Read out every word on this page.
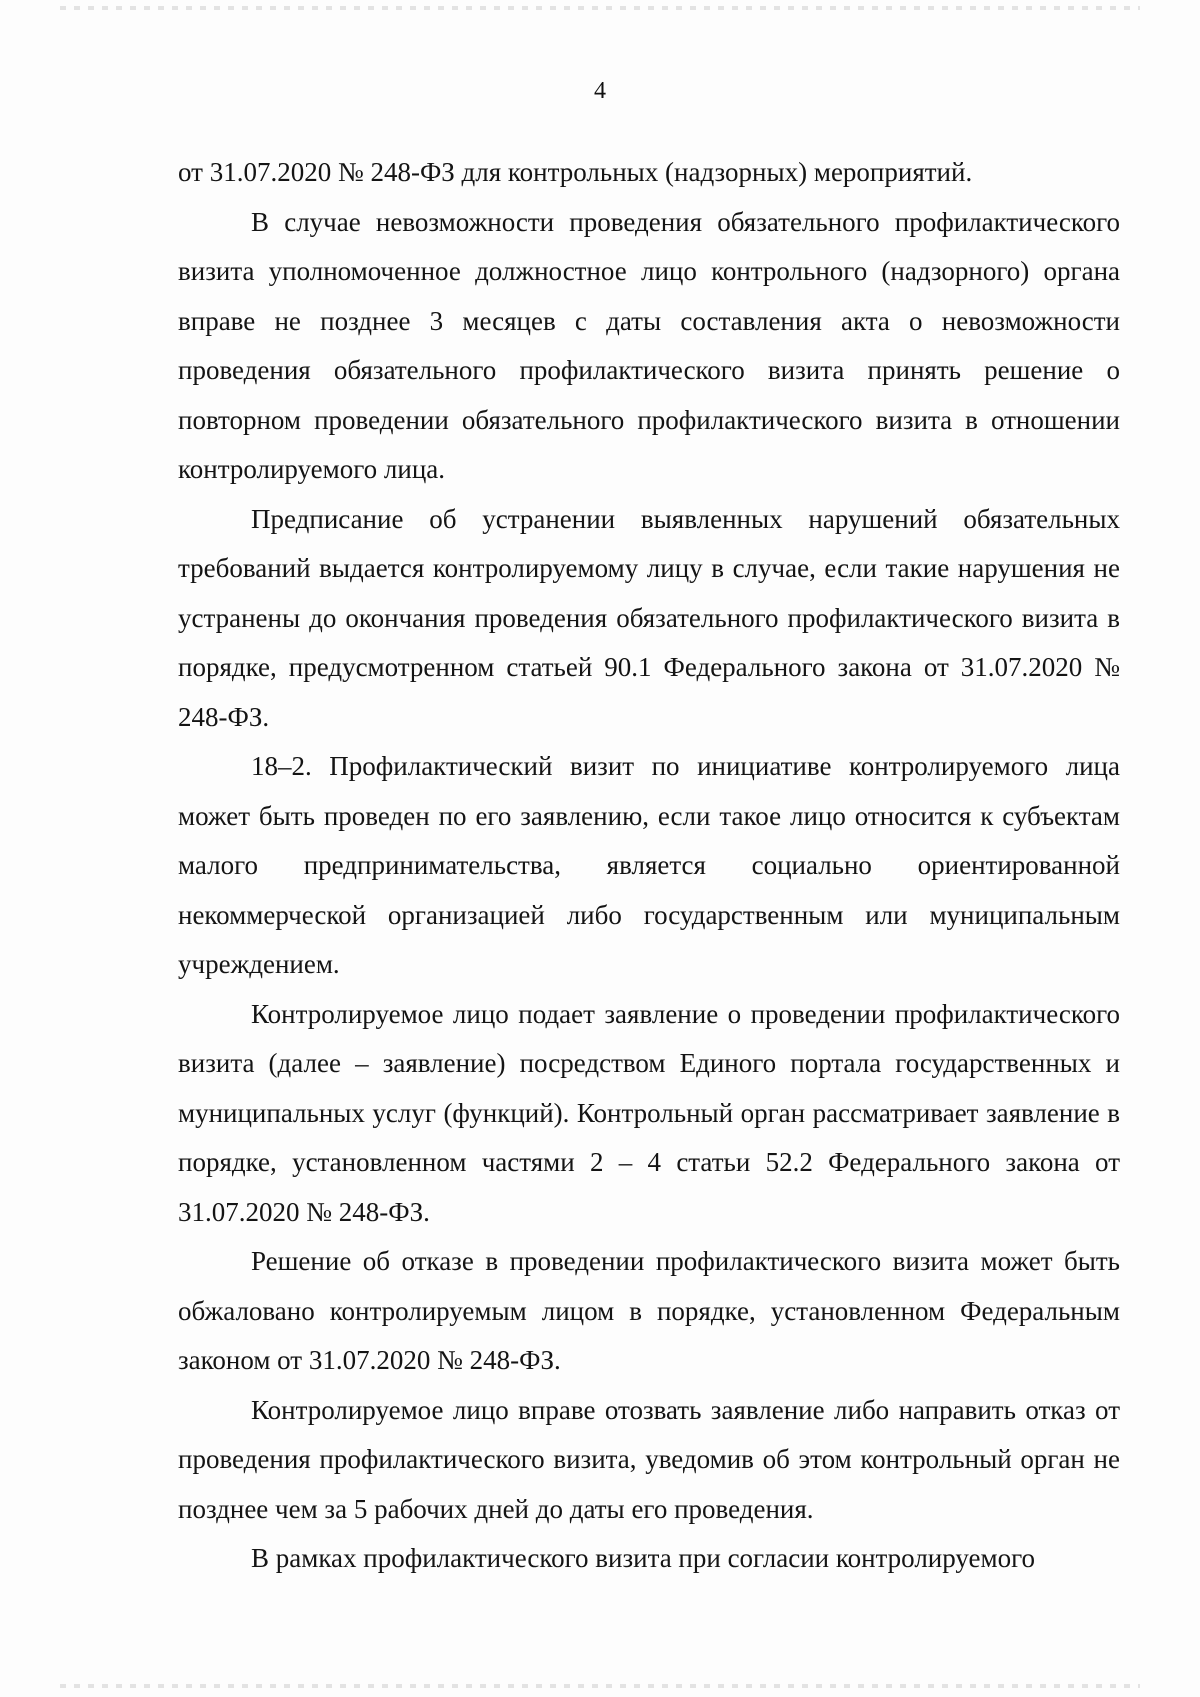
4

от 31.07.2020 № 248-ФЗ для контрольных (надзорных) мероприятий.

В случае невозможности проведения обязательного профилактического визита уполномоченное должностное лицо контрольного (надзорного) органа вправе не позднее 3 месяцев с даты составления акта о невозможности проведения обязательного профилактического визита принять решение о повторном проведении обязательного профилактического визита в отношении контролируемого лица.

Предписание об устранении выявленных нарушений обязательных требований выдается контролируемому лицу в случае, если такие нарушения не устранены до окончания проведения обязательного профилактического визита в порядке, предусмотренном статьей 90.1 Федерального закона от 31.07.2020 № 248-ФЗ.

18–2. Профилактический визит по инициативе контролируемого лица может быть проведен по его заявлению, если такое лицо относится к субъектам малого предпринимательства, является социально ориентированной некоммерческой организацией либо государственным или муниципальным учреждением.

Контролируемое лицо подает заявление о проведении профилактического визита (далее – заявление) посредством Единого портала государственных и муниципальных услуг (функций). Контрольный орган рассматривает заявление в порядке, установленном частями 2 – 4 статьи 52.2 Федерального закона от 31.07.2020 № 248-ФЗ.

Решение об отказе в проведении профилактического визита может быть обжаловано контролируемым лицом в порядке, установленном Федеральным законом от 31.07.2020 № 248-ФЗ.

Контролируемое лицо вправе отозвать заявление либо направить отказ от проведения профилактического визита, уведомив об этом контрольный орган не позднее чем за 5 рабочих дней до даты его проведения.

В рамках профилактического визита при согласии контролируемого
